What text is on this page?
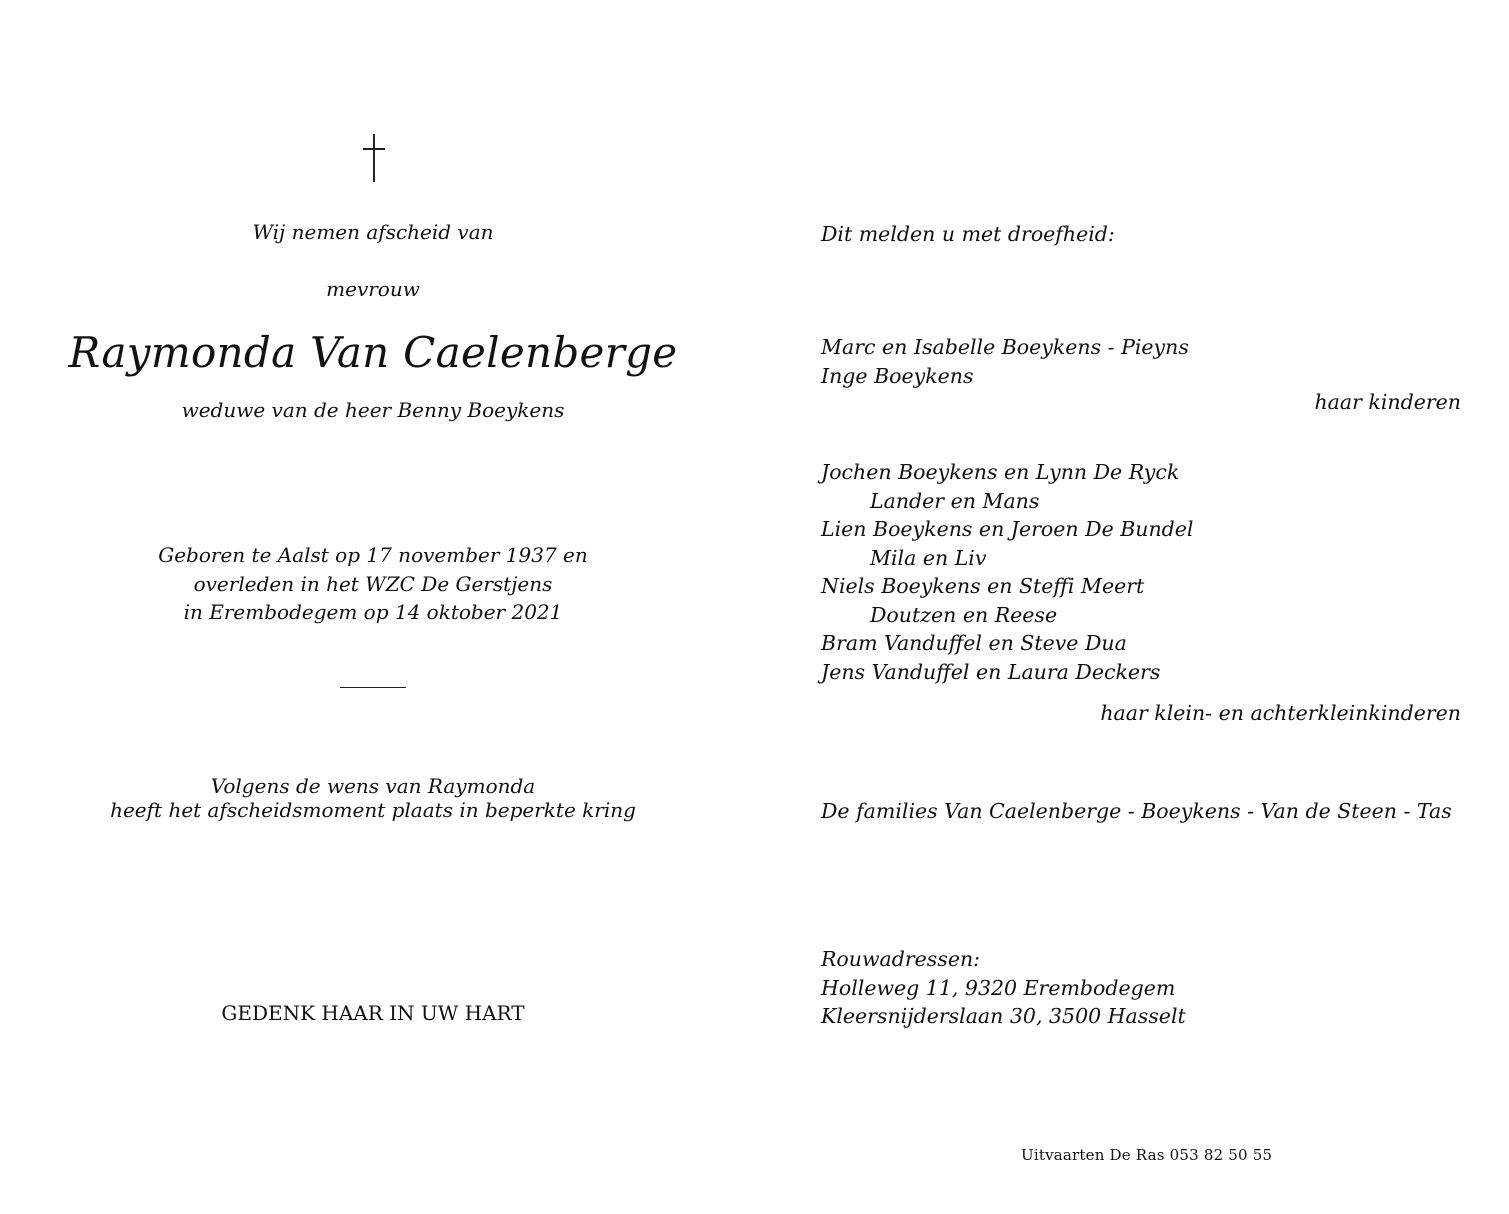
Wij nemen afscheid van
mevrouw
Raymonda Van Caelenberge
weduwe van de heer Benny Boeykens
Geboren te Aalst op 17 november 1937 en
overleden in het WZC De Gerstjens
in Erembodegem op 14 oktober 2021
Volgens de wens van Raymonda
heeft het afscheidsmoment plaats in beperkte kring
GEDENK HAAR IN UW HART
Dit melden u met droefheid:
Marc en Isabelle Boeykens - Pieyns
Inge Boeykens
haar kinderen
Jochen Boeykens en Lynn De Ryck
Lander en Mans
Lien Boeykens en Jeroen De Bundel
Mila en Liv
Niels Boeykens en Steffi Meert
Doutzen en Reese
Bram Vanduffel en Steve Dua
Jens Vanduffel en Laura Deckers
haar klein- en achterkleinkinderen
De families Van Caelenberge - Boeykens - Van de Steen - Tas
Rouwadressen:
Holleweg 11, 9320 Erembodegem
Kleersnijderslaan 30, 3500 Hasselt
Uitvaarten De Ras 053 82 50 55
